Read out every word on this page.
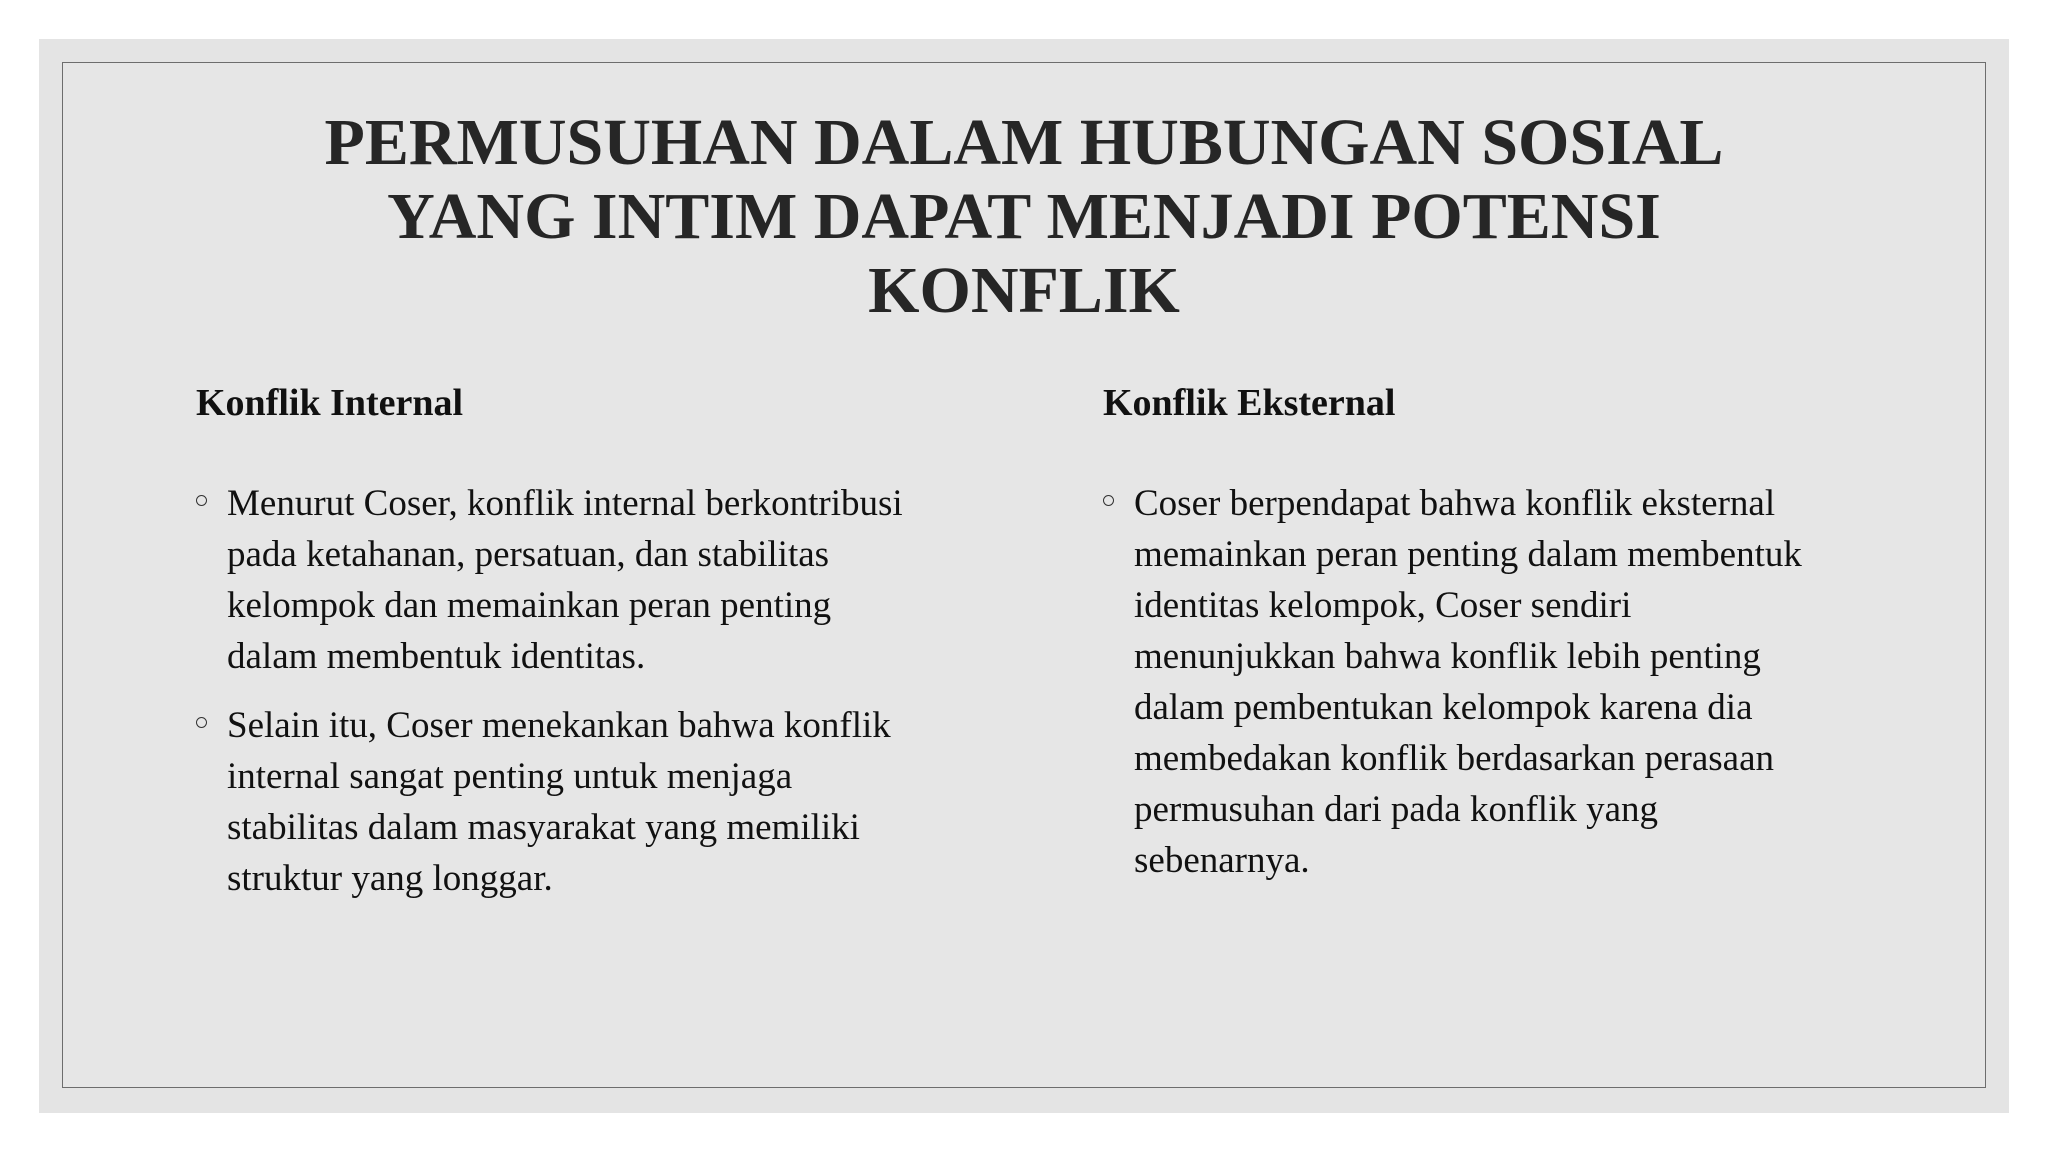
PERMUSUHAN DALAM HUBUNGAN SOSIAL
YANG INTIM DAPAT MENJADI POTENSI
KONFLIK
Konflik Internal	Konflik Eksternal
Menurut Coser, konflik internal berkontribusi
pada ketahanan, persatuan, dan stabilitas
kelompok dan memainkan peran penting
dalam membentuk identitas.
Selain itu, Coser menekankan bahwa konflik
internal sangat penting untuk menjaga
stabilitas dalam masyarakat yang memiliki
struktur yang longgar.
Coser berpendapat bahwa konflik eksternal
memainkan peran penting dalam membentuk
identitas kelompok, Coser sendiri
menunjukkan bahwa konflik lebih penting
dalam pembentukan kelompok karena dia
membedakan konflik berdasarkan perasaan
permusuhan dari pada konflik yang
sebenarnya.
